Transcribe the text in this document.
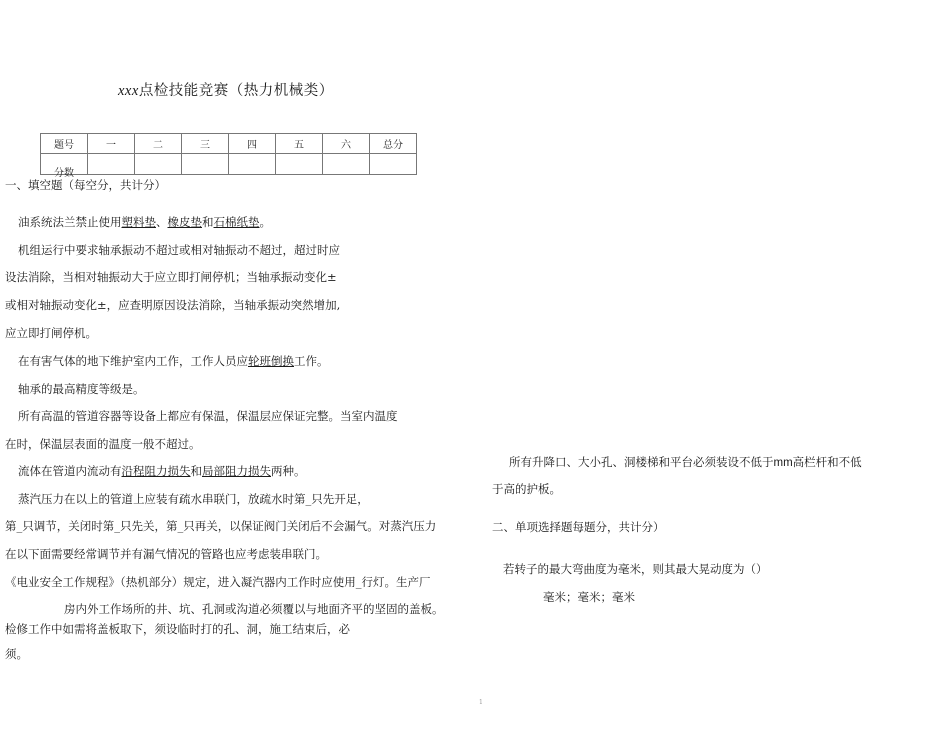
xxx点检技能竞赛（热力机械类）
题号	一	二	三	四	五	六	总分
分数							
一、填空题（每空分，共计分）
油系统法兰禁止使用塑料垫、橡皮垫和石棉纸垫。
机组运行中要求轴承振动不超过或相对轴振动不超过，超过时应
设法消除，当相对轴振动大于应立即打闸停机；当轴承振动变化±
或相对轴振动变化±，应查明原因设法消除，当轴承振动突然增加,
应立即打闸停机。
在有害气体的地下维护室内工作，工作人员应轮班倒换工作。
轴承的最高精度等级是。
所有高温的管道容器等设备上都应有保温，保温层应保证完整。当室内温度
在时，保温层表面的温度一般不超过。
流体在管道内流动有沿程阻力损失和局部阻力损失两种。
蒸汽压力在以上的管道上应装有疏水串联门，放疏水时第_只先开足，
第_只调节，关闭时第_只先关，第_只再关，以保证阀门关闭后不会漏气。对蒸汽压力
在以下面需要经常调节并有漏气情况的管路也应考虑装串联门。
《电业安全工作规程》（热机部分）规定，进入凝汽器内工作时应使用_行灯。生产厂
房内外工作场所的井、坑、孔洞或沟道必须覆以与地面齐平的坚固的盖板。
检修工作中如需将盖板取下，须设临时打的孔、洞，施工结束后，必
须。
所有升降口、大小孔、洞楼梯和平台必须装设不低于mm高栏杆和不低
于高的护板。
二、单项选择题每题分，共计分）
若转子的最大弯曲度为毫米，则其最大晃动度为（）
毫米；毫米；毫米
1
